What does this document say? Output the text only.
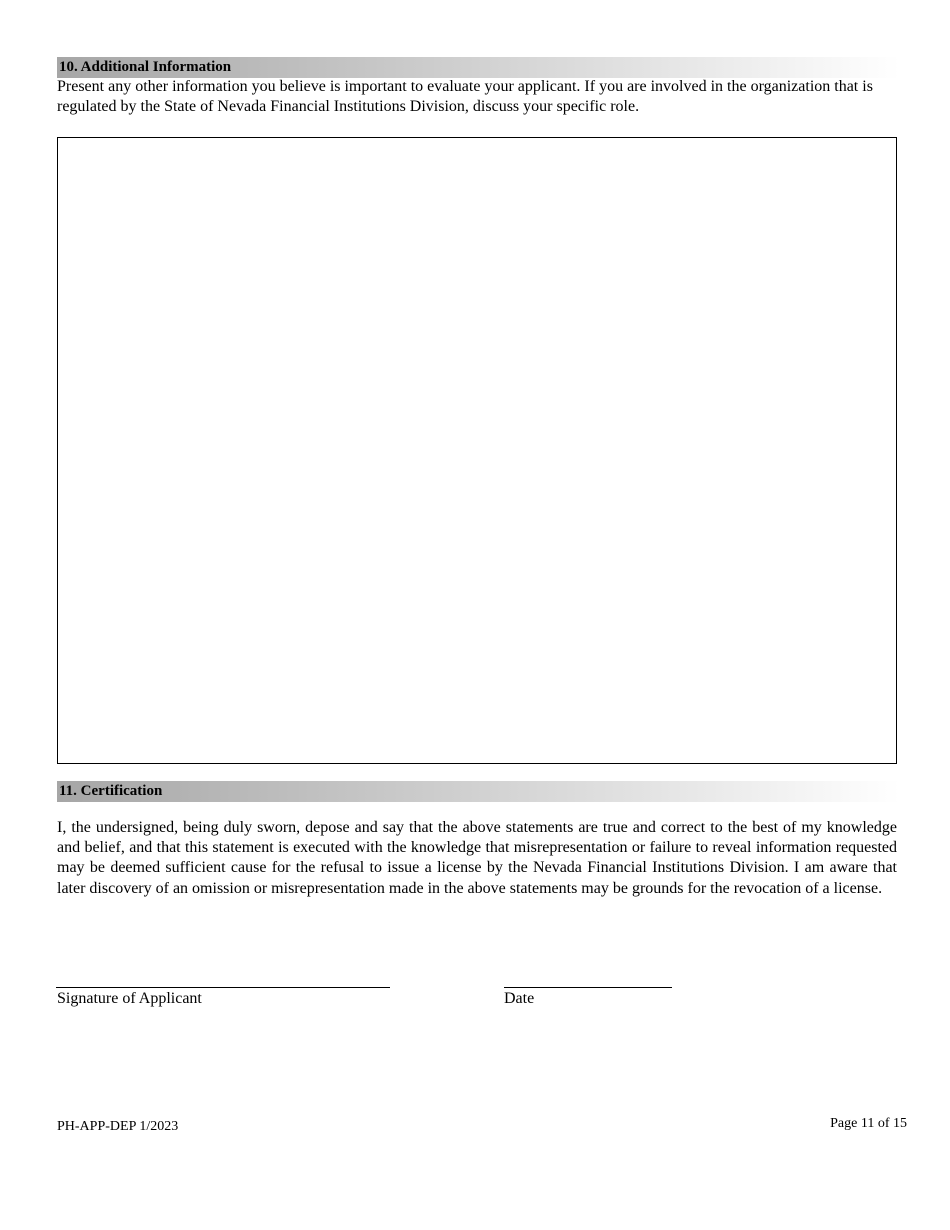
10. Additional Information
Present any other information you believe is important to evaluate your applicant. If you are involved in the organization that is regulated by the State of Nevada Financial Institutions Division, discuss your specific role.
11. Certification
I, the undersigned, being duly sworn, depose and say that the above statements are true and correct to the best of my knowledge and belief, and that this statement is executed with the knowledge that misrepresentation or failure to reveal information requested may be deemed sufficient cause for the refusal to issue a license by the Nevada Financial Institutions Division. I am aware that later discovery of an omission or misrepresentation made in the above statements may be grounds for the revocation of a license.
Signature of Applicant	Date
PH-APP-DEP 1/2023	Page 11 of 15
